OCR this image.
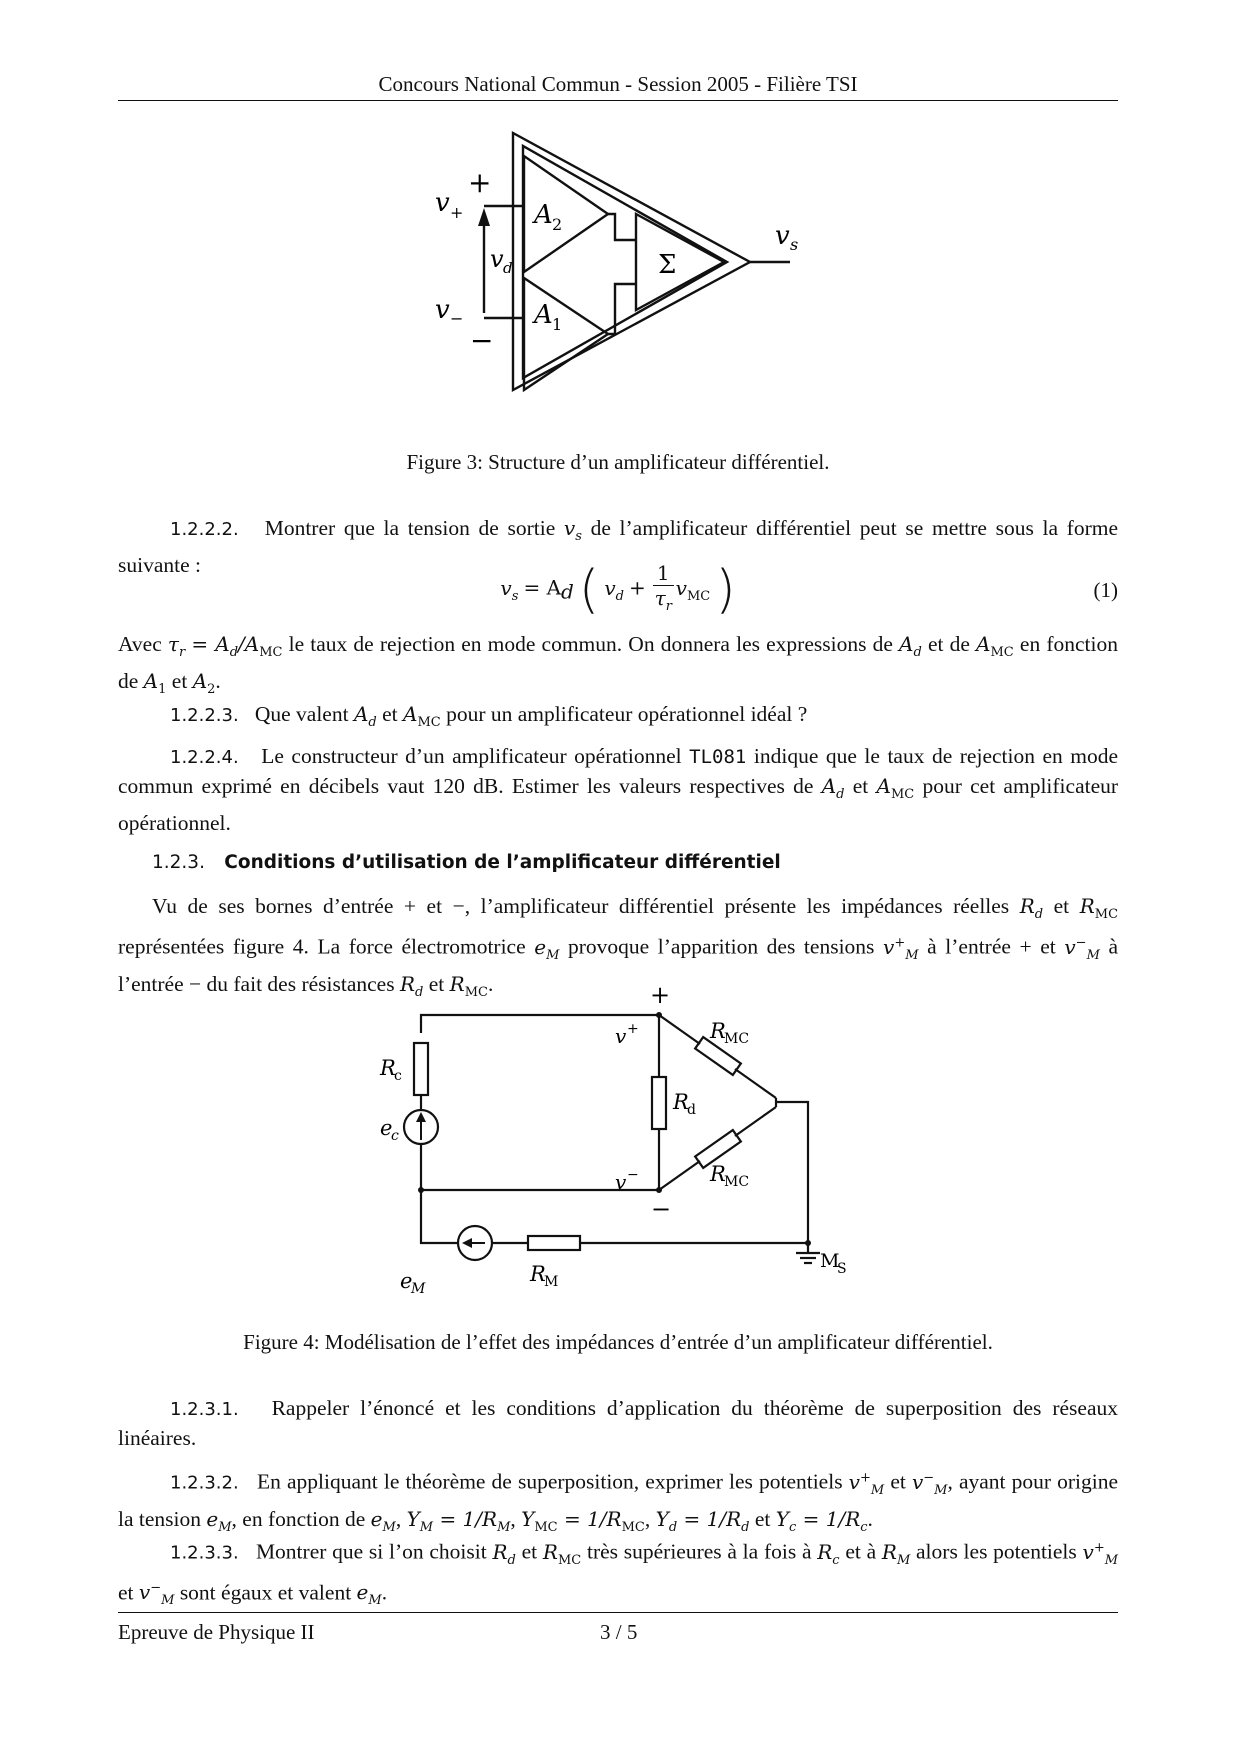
Concours National Commun - Session 2005 - Filière TSI
v +
+
v −
−
v d
A 2
A 1
Σ
v s
Figure 3: Structure d’un amplificateur différentiel.
1.2.2.2. Montrer que la tension de sortie $v_s$ de l’amplificateur différentiel peut se mettre sous la forme suivante :
$v_s = A_d$ ( $v_d + \frac{1}{\tau_r} v_{MC}$ )	(1)
Avec $\tau_r = A_d/A_{MC}$ le taux de rejection en mode commun. On donnera les expressions de $A_d$ et de $A_{MC}$ en fonction de $A_1$ et $A_2$.
1.2.2.3. Que valent $A_d$ et $A_{MC}$ pour un amplificateur opérationnel idéal ?
1.2.2.4. Le constructeur d’un amplificateur opérationnel TL081 indique que le taux de rejection en mode commun exprimé en décibels vaut 120 dB. Estimer les valeurs respectives de $A_d$ et $A_{MC}$ pour cet amplificateur opérationnel.
1.2.3. Conditions d’utilisation de l’amplificateur différentiel
Vu de ses bornes d’entrée + et −, l’amplificateur différentiel présente les impédances réelles $R_d$ et $R_{MC}$ représentées figure 4. La force électromotrice $e_M$ provoque l’apparition des tensions $v^+_M$ à l’entrée + et $v^-_M$ à l’entrée − du fait des résistances $R_d$ et $R_{MC}$.	+
−
v +
v −
R
c
e
c
R
d
R
MC
R
MC
e
M
R
M
M
S
Figure 4: Modélisation de l’effet des impédances d’entrée d’un amplificateur différentiel.
1.2.3.1. Rappeler l’énoncé et les conditions d’application du théorème de superposition des réseaux linéaires.
1.2.3.2. En appliquant le théorème de superposition, exprimer les potentiels $v^+_M$ et $v^-_M$, ayant pour origine la tension $e_M$, en fonction de $e_M$, $Y_M = 1/R_M$, $Y_{MC} = 1/R_{MC}$, $Y_d = 1/R_d$ et $Y_c = 1/R_c$.
1.2.3.3. Montrer que si l’on choisit $R_d$ et $R_{MC}$ très supérieures à la fois à $R_c$ et à $R_M$ alors les potentiels $v^+_M$ et $v^-_M$ sont égaux et valent $e_M$.
Epreuve de Physique II	3 / 5
